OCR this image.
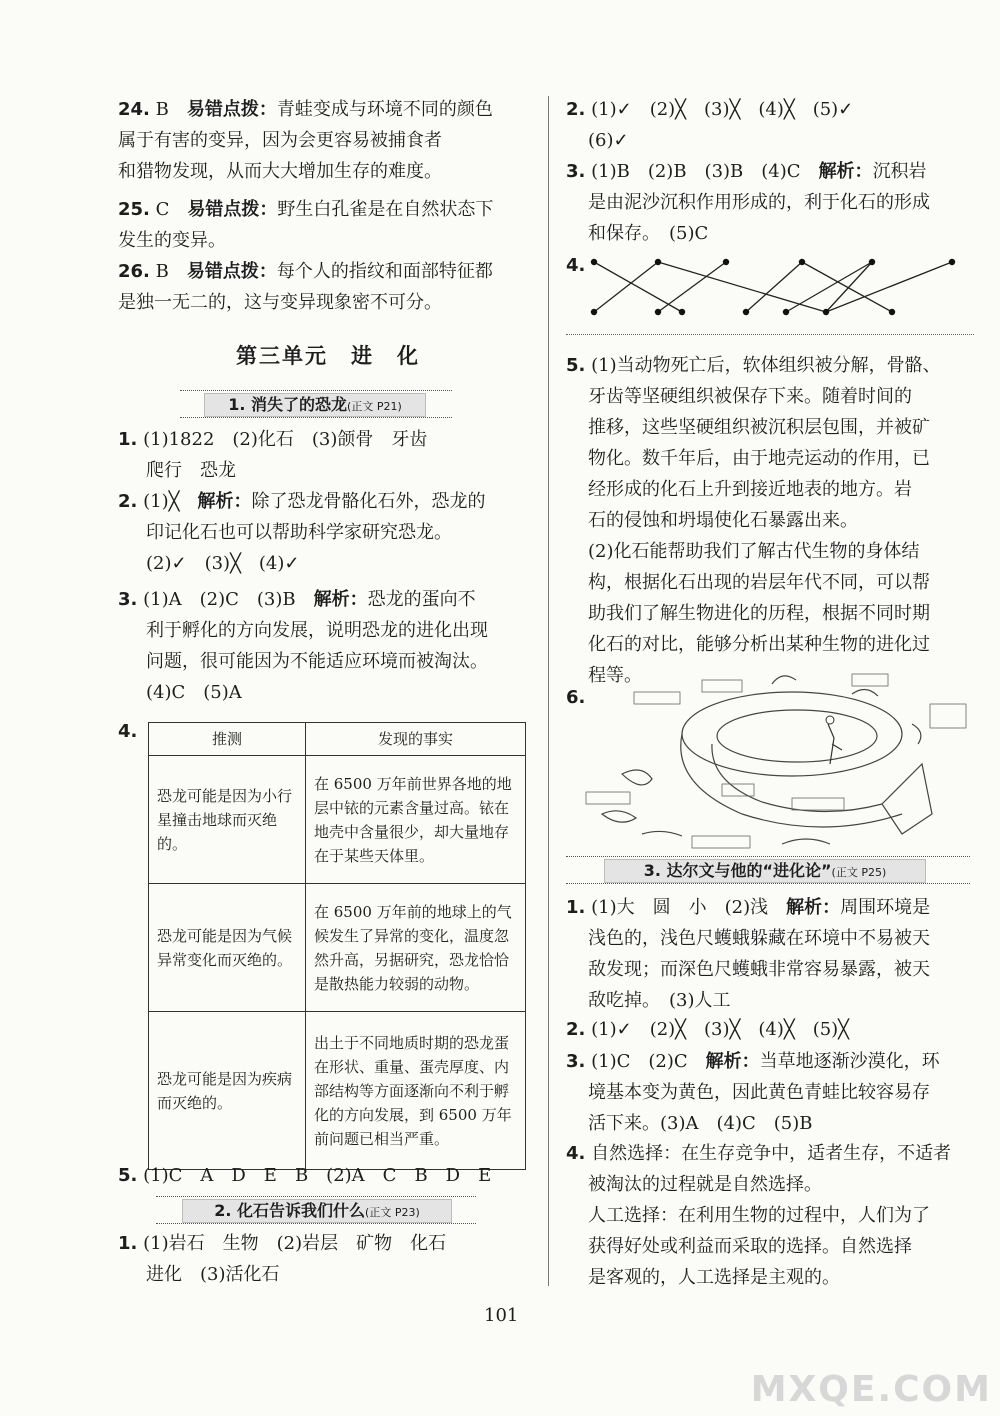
24. B　 易错点拨：青蛙变成与环境不同的颜色
属于有害的变异，因为会更容易被捕食者
和猎物发现，从而大大增加生存的难度。
25. C　 易错点拨：野生白孔雀是在自然状态下
发生的变异。
26. B　 易错点拨：每个人的指纹和面部特征都
是独一无二的，这与变异现象密不可分。
第三单元　进　化
1. 消失了的恐龙(正文 P21)
1. (1)1822　(2)化石　(3)颌骨　牙齿

爬行　恐龙
2. (1)╳　 解析：除了恐龙骨骼化石外，恐龙的
印记化石也可以帮助科学家研究恐龙。
(2)✓　(3)╳　(4)✓
3. (1)A　(2)C　(3)B　 解析：恐龙的蛋向不
利于孵化的方向发展，说明恐龙的进化出现
问题，很可能因为不能适应环境而被淘汰。
(4)C　(5)A
4.	推测	发现的事实
恐龙可能是因为小行星撞击地球而灭绝的。	在 6500 万年前世界各地的地层中铱的元素含量过高。铱在地壳中含量很少，却大量地存在于某些天体里。
恐龙可能是因为气候异常变化而灭绝的。	在 6500 万年前的地球上的气候发生了异常的变化，温度忽然升高，另据研究，恐龙恰恰是散热能力较弱的动物。
恐龙可能是因为疾病而灭绝的。	出土于不同地质时期的恐龙蛋在形状、重量、蛋壳厚度、内部结构等方面逐渐向不利于孵化的方向发展，到 6500 万年前问题已相当严重。
5. (1)C　A　D　E　B　(2)A　C　B　D　E
2. 化石告诉我们什么(正文 P23)
1. (1)岩石　生物　(2)岩层　矿物　化石
进化　(3)活化石
2. (1)✓　(2)╳　(3)╳　(4)╳　(5)✓
(6)✓
3. (1)B　(2)B　(3)B　(4)C　 解析：沉积岩
是由泥沙沉积作用形成的，利于化石的形成
和保存。　(5)C
4.
5. (1)当动物死亡后，软体组织被分解，骨骼、
牙齿等坚硬组织被保存下来。随着时间的
推移，这些坚硬组织被沉积层包围，并被矿
物化。数千年后，由于地壳运动的作用，已
经形成的化石上升到接近地表的地方。岩
石的侵蚀和坍塌使化石暴露出来。
(2)化石能帮助我们了解古代生物的身体结
构，根据化石出现的岩层年代不同，可以帮
助我们了解生物进化的历程，根据不同时期
化石的对比，能够分析出某种生物的进化过
程等。
6.
3. 达尔文与他的“进化论”(正文 P25)
1. (1)大　圆　小　(2)浅　 解析：周围环境是
浅色的，浅色尺蠖蛾躲藏在环境中不易被天
敌发现；而深色尺蠖蛾非常容易暴露，被天
敌吃掉。　(3)人工
2. (1)✓　(2)╳　(3)╳　(4)╳　(5)╳
3. (1)C　(2)C　 解析：当草地逐渐沙漠化，环
境基本变为黄色，因此黄色青蛙比较容易存
活下来。(3)A　(4)C　(5)B
4. 自然选择：在生存竞争中，适者生存，不适者
被淘汰的过程就是自然选择。
人工选择：在利用生物的过程中，人们为了
获得好处或利益而采取的选择。自然选择
是客观的，人工选择是主观的。
101
MXQE.COM
